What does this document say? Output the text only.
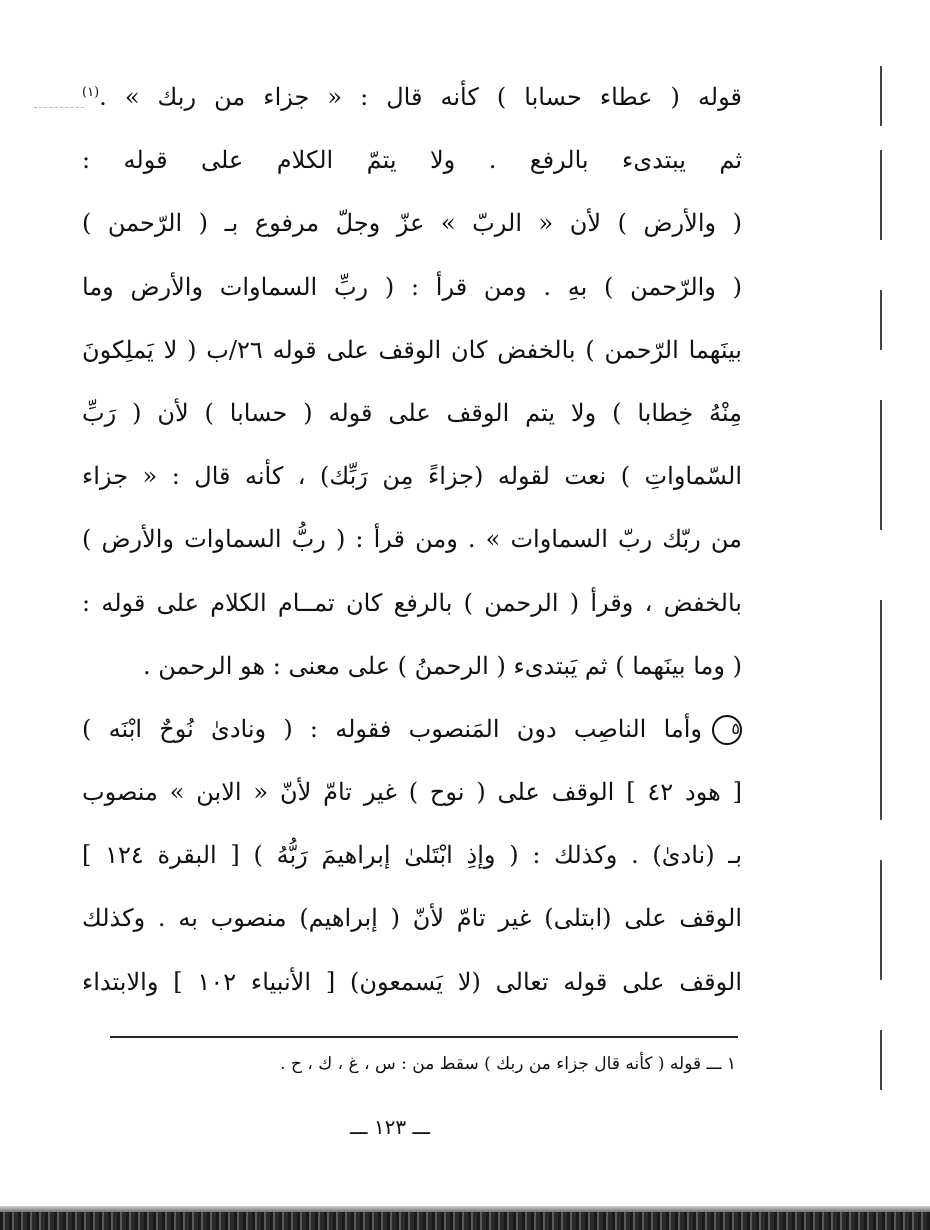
قوله ( عطاء حسابا ) كأنه قال : « جزاء من ربك » .$^{(١)}$
ثم يبتدىء بالرفع . ولا يتمّ الكلام على قوله :
( والأرض ) لأن « الربّ » عزّ وجلّ مرفوع بـ ( الرّحمن )
( والرّحمن ) بهِ . ومن قرأ : ( ربِّ السماوات والأرض وما
بينَهما الرّحمن ) بالخفض كان الوقف على قوله ٢٦/ب ( لا يَملِكونَ
مِنْهُ خِطابا ) ولا يتم الوقف على قوله ( حسابا ) لأن ( رَبِّ
السّماواتِ ) نعت لقوله (جزاءً مِن رَبِّك) ، كأنه قال : « جزاء
من ربّك ربّ السماوات » . ومن قرأ : ( ربُّ السماوات والأرض )
بالخفض ، وقرأ ( الرحمن ) بالرفع كان تمــام الكلام على قوله :
( وما بينَهما ) ثم يَبتدىء ( الرحمنُ ) على معنى : هو الرحمن .
٥وأما الناصِب دون المَنصوب فقوله : ( ونادىٰ نُوحٌ ابْنَه )
[ هود ٤٢ ] الوقف على ( نوح ) غير تامّ لأنّ « الابن » منصوب
بـ (نادىٰ) . وكذلك : ( وإذِ ابْتَلىٰ إبراهيمَ رَبُّهُ ) [ البقرة ١٢٤ ]
الوقف على (ابتلى) غير تامّ لأنّ ( إبراهيم) منصوب به . وكذلك
الوقف على قوله تعالى (لا يَسمعون) [ الأنبياء ١٠٢ ] والابتداء
١ ـــ قوله ( كأنه قال جزاء من ربك ) سقط من : س ، غ ، ك ، ح .
ـــ ١٢٣ ـــ
